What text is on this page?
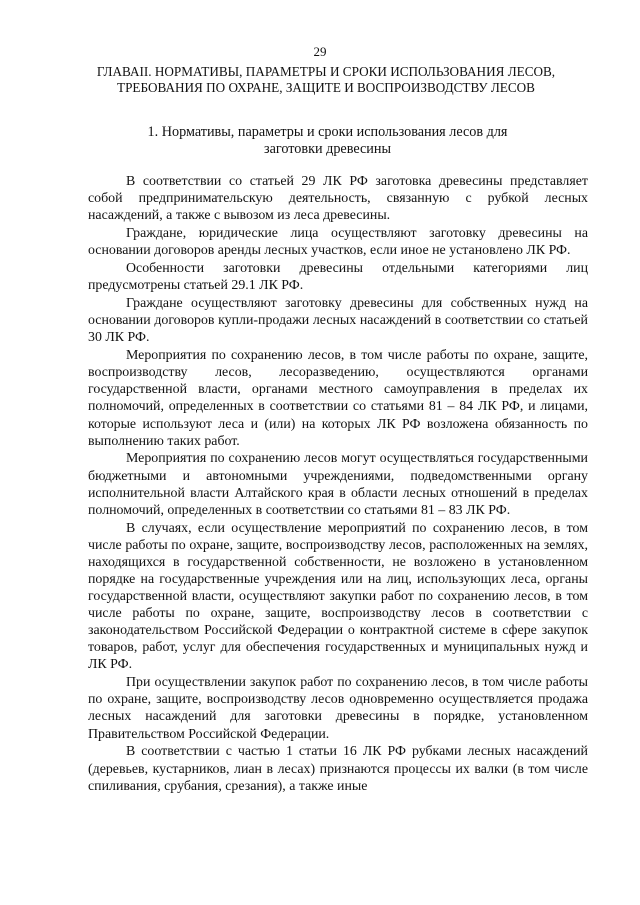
29
ГЛАВАII. НОРМАТИВЫ, ПАРАМЕТРЫ И СРОКИ ИСПОЛЬЗОВАНИЯ ЛЕСОВ, ТРЕБОВАНИЯ ПО ОХРАНЕ, ЗАЩИТЕ И ВОСПРОИЗВОДСТВУ ЛЕСОВ
1. Нормативы, параметры и сроки использования лесов для заготовки древесины

В соответствии со статьей 29 ЛК РФ заготовка древесины представляет собой предпринимательскую деятельность, связанную с рубкой лесных насаждений, а также с вывозом из леса древесины.

Граждане, юридические лица осуществляют заготовку древесины на основании договоров аренды лесных участков, если иное не установлено ЛК РФ.

Особенности заготовки древесины отдельными категориями лиц предусмотрены статьей 29.1 ЛК РФ.

Граждане осуществляют заготовку древесины для собственных нужд на основании договоров купли-продажи лесных насаждений в соответствии со статьей 30 ЛК РФ.

Мероприятия по сохранению лесов, в том числе работы по охране, защите, воспроизводству лесов, лесоразведению, осуществляются органами государственной власти, органами местного самоуправления в пределах их полномочий, определенных в соответствии со статьями 81 – 84 ЛК РФ, и лицами, которые используют леса и (или) на которых ЛК РФ возложена обязанность по выполнению таких работ.

Мероприятия по сохранению лесов могут осуществляться государственными бюджетными и автономными учреждениями, подведомственными органу исполнительной власти Алтайского края в области лесных отношений в пределах полномочий, определенных в соответствии со статьями 81 – 83 ЛК РФ.

В случаях, если осуществление мероприятий по сохранению лесов, в том числе работы по охране, защите, воспроизводству лесов, расположенных на землях, находящихся в государственной собственности, не возложено в установленном порядке на государственные учреждения или на лиц, использующих леса, органы государственной власти, осуществляют закупки работ по сохранению лесов, в том числе работы по охране, защите, воспроизводству лесов в соответствии с законодательством Российской Федерации о контрактной системе в сфере закупок товаров, работ, услуг для обеспечения государственных и муниципальных нужд и ЛК РФ.

При осуществлении закупок работ по сохранению лесов, в том числе работы по охране, защите, воспроизводству лесов одновременно осуществляется продажа лесных насаждений для заготовки древесины в порядке, установленном Правительством Российской Федерации.

В соответствии с частью 1 статьи 16 ЛК РФ рубками лесных насаждений (деревьев, кустарников, лиан в лесах) признаются процессы их валки (в том числе спиливания, срубания, срезания), а также иные
